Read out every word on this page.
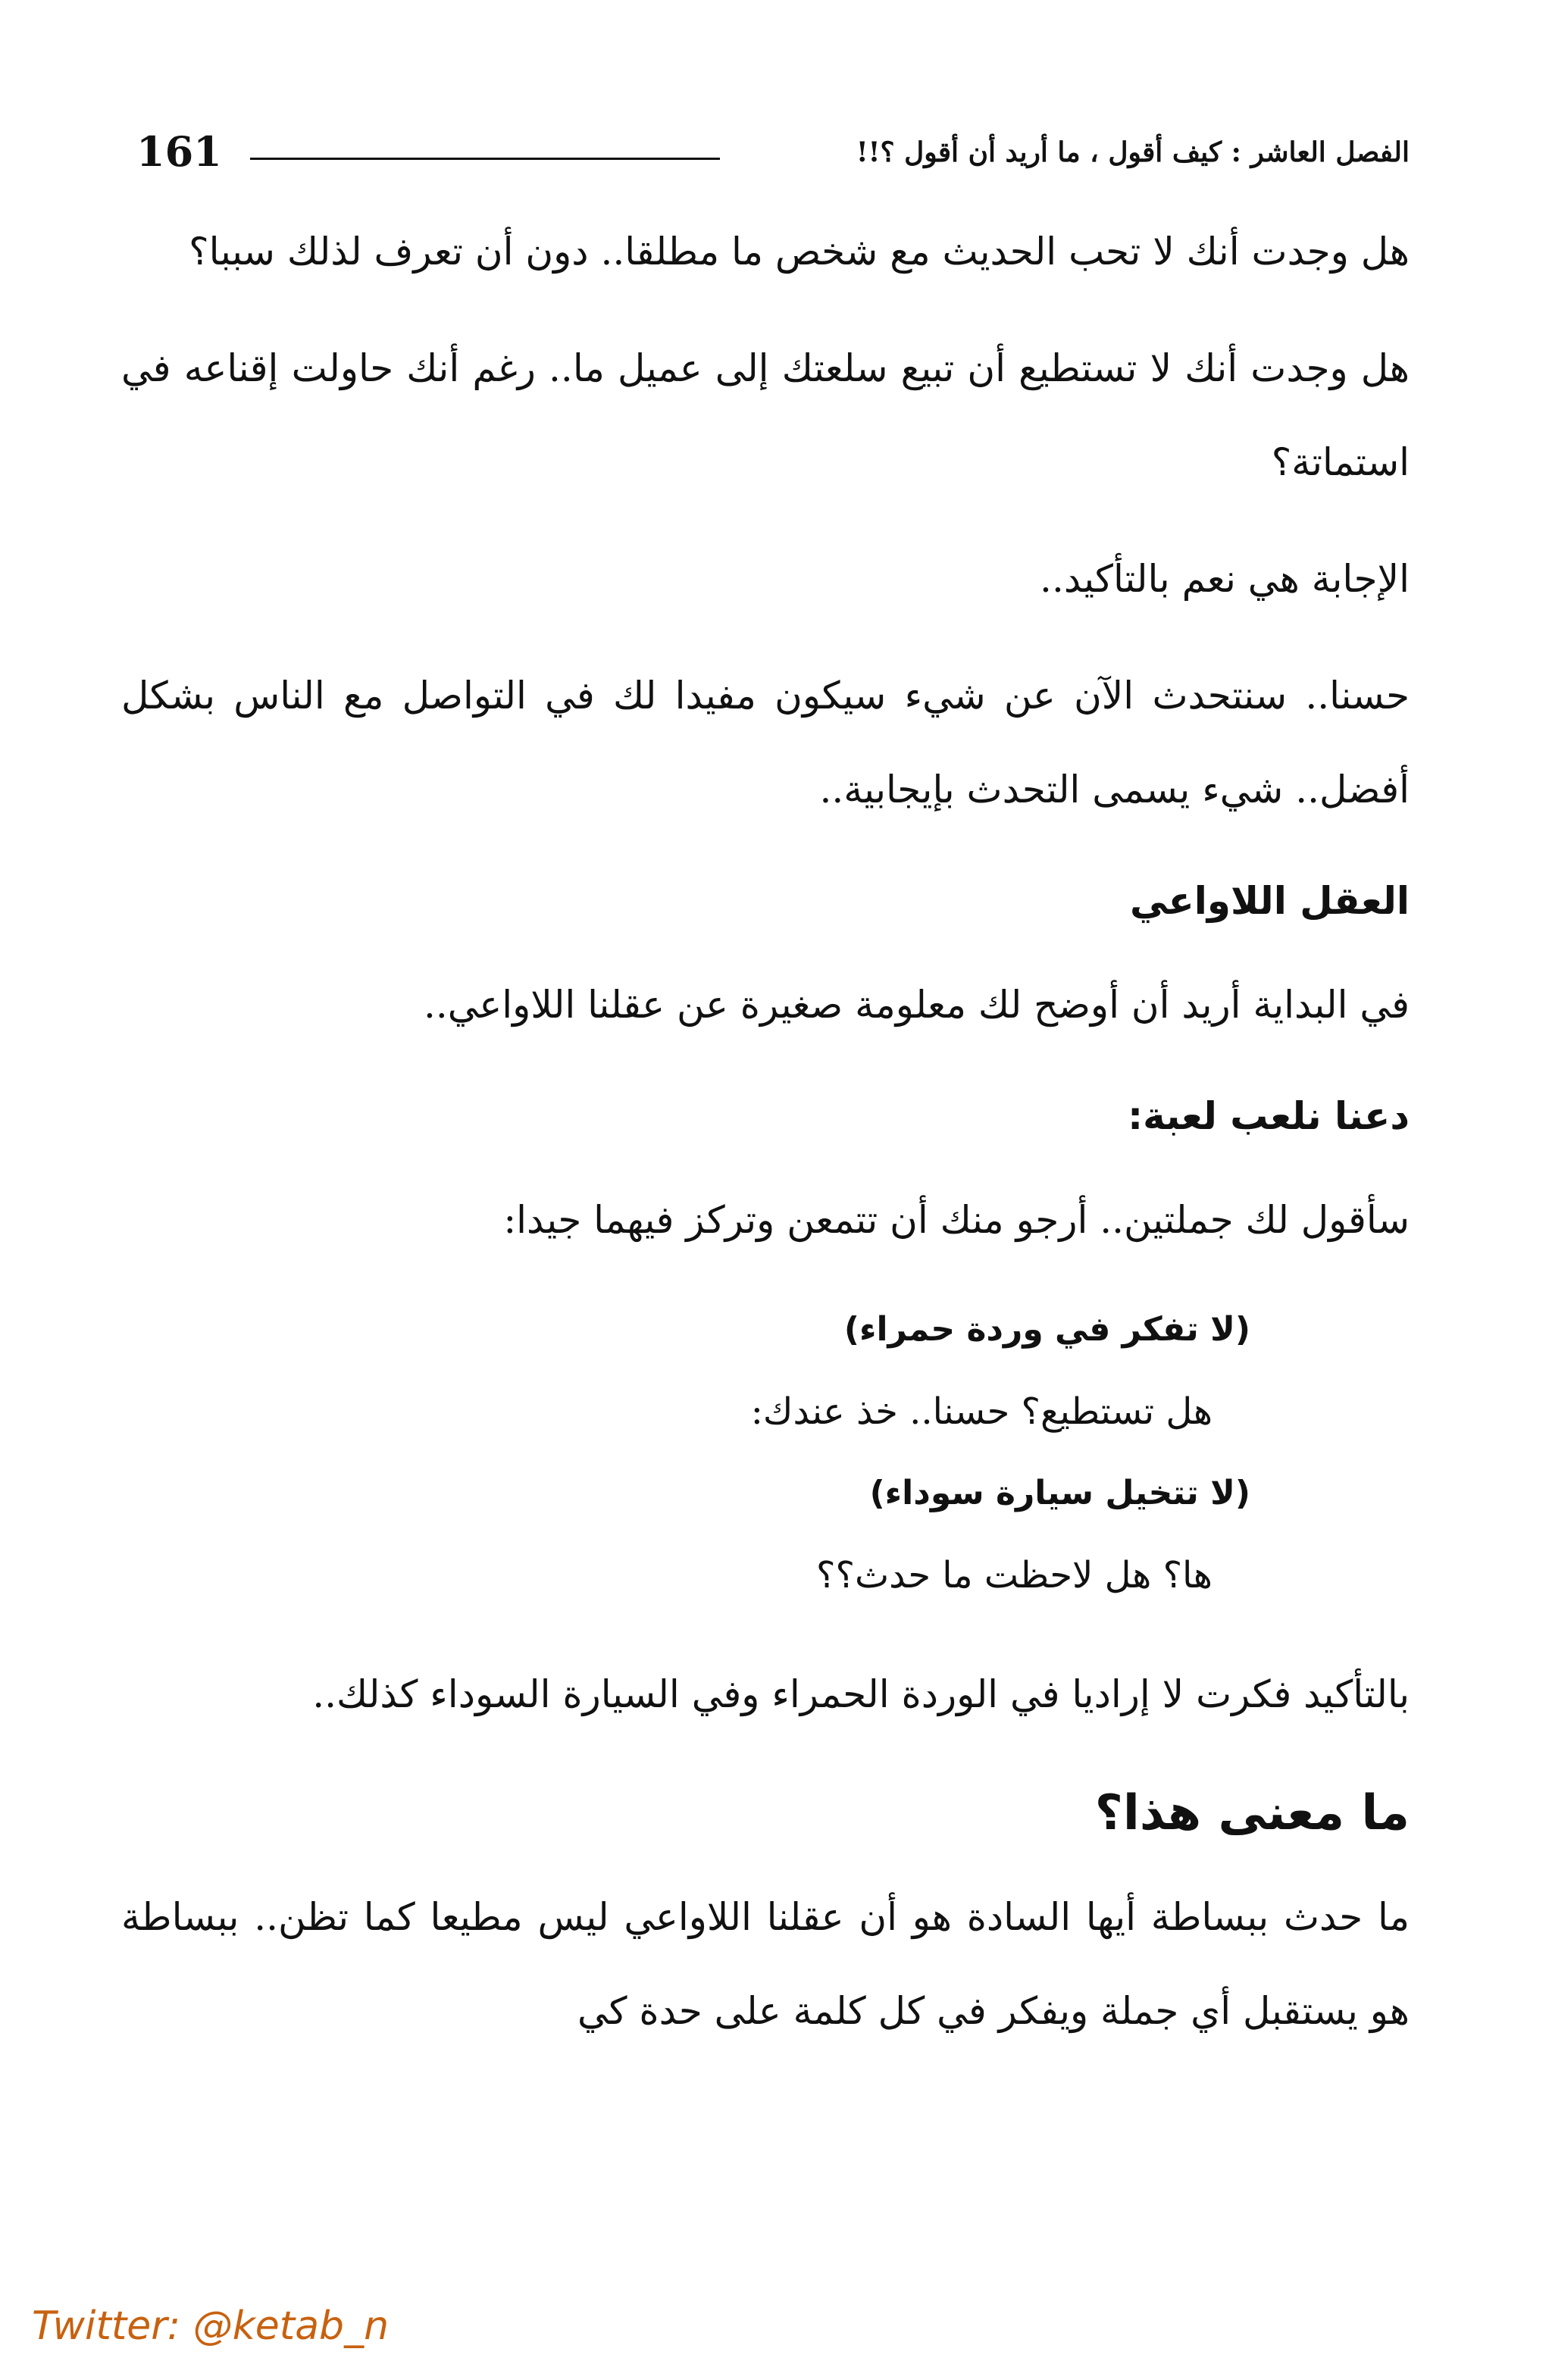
161	الفصل العاشر : كيف أقول ، ما أريد أن أقول ؟!!

هل وجدت أنك لا تحب الحديث مع شخص ما مطلقا.. دون أن تعرف لذلك سببا؟

هل وجدت أنك لا تستطيع أن تبيع سلعتك إلى عميل ما.. رغم أنك حاولت إقناعه في استماتة؟

الإجابة هي نعم بالتأكيد..

حسنا.. سنتحدث الآن عن شيء سيكون مفيدا لك في التواصل مع الناس بشكل أفضل.. شيء يسمى التحدث بإيجابية..

العقل اللاواعي

في البداية أريد أن أوضح لك معلومة صغيرة عن عقلنا اللاواعي..

دعنا نلعب لعبة:

سأقول لك جملتين.. أرجو منك أن تتمعن وتركز فيهما جيدا:

(لا تفكر في وردة حمراء)
هل تستطيع؟ حسنا.. خذ عندك:
(لا تتخيل سيارة سوداء)
ها؟ هل لاحظت ما حدث؟؟

بالتأكيد فكرت لا إراديا في الوردة الحمراء وفي السيارة السوداء كذلك..

ما معنى هذا؟

ما حدث ببساطة أيها السادة هو أن عقلنا اللاواعي ليس مطيعا كما تظن.. ببساطة هو يستقبل أي جملة ويفكر في كل كلمة على حدة كي

Twitter: @ketab_n
